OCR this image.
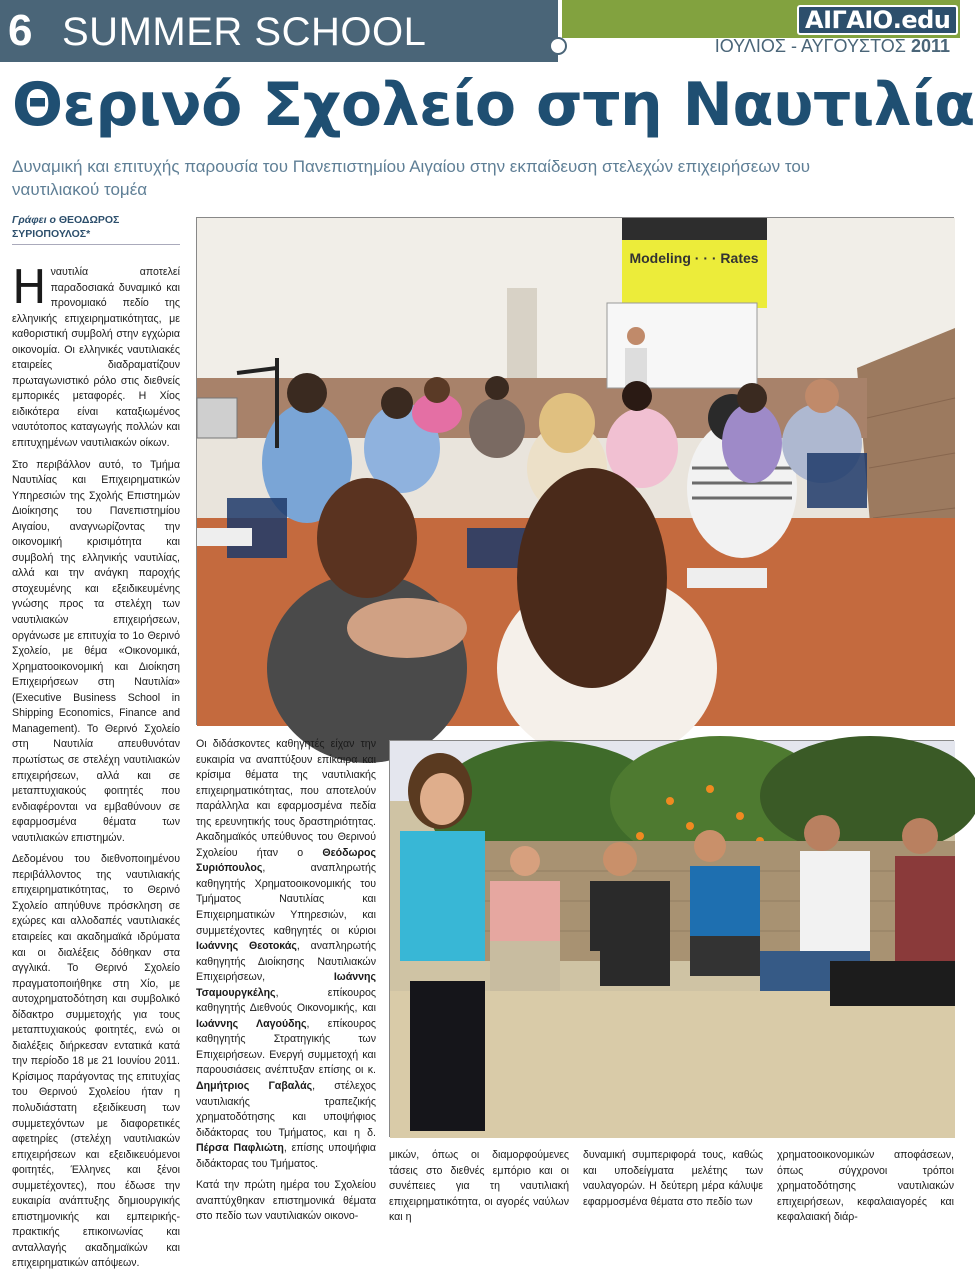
6 SUMMER SCHOOL	ΑΙΓΑΙΟ.edu
ΙΟΥΛΙΟΣ - ΑΥΓΟΥΣΤΟΣ 2011
Θερινό Σχολείο στη Ναυτιλία
Δυναμική και επιτυχής παρουσία του Πανεπιστημίου Αιγαίου στην εκπαίδευση στελεχών επιχειρήσεων του ναυτιλιακού τομέα
Γράφει ο ΘΕΟΔΩΡΟΣ ΣΥΡΙΟΠΟΥΛΟΣ*

Ηναυτιλία αποτελεί παραδοσιακά δυναμικό και προνομιακό πεδίο της ελληνικής επιχειρηματικότητας, με καθοριστική συμβολή στην εγχώρια οικονομία. Οι ελληνικές ναυτιλιακές εταιρείες διαδραματίζουν πρωταγωνιστικό ρόλο στις διεθνείς εμπορικές μεταφορές. Η Χίος ειδικότερα είναι καταξιωμένος ναυτότοπος καταγωγής πολλών και επιτυχημένων ναυτιλιακών οίκων.

Στο περιβάλλον αυτό, το Τμήμα Ναυτιλίας και Επιχειρηματικών Υπηρεσιών της Σχολής Επιστημών Διοίκησης του Πανεπιστημίου Αιγαίου, αναγνωρίζοντας την οικονομική κρισιμότητα και συμβολή της ελληνικής ναυτιλίας, αλλά και την ανάγκη παροχής στοχευμένης και εξειδικευμένης γνώσης προς τα στελέχη των ναυτιλιακών επιχειρήσεων, οργάνωσε με επιτυχία το 1ο Θερινό Σχολείο, με θέμα «Οικονομικά, Χρηματοοικονομική και Διοίκηση Επιχειρήσεων στη Ναυτιλία» (Executive Business School in Shipping Economics, Finance and Management). Το Θερινό Σχολείο στη Ναυτιλία απευθυνόταν πρωτίστως σε στελέχη ναυτιλιακών επιχειρήσεων, αλλά και σε μεταπτυχιακούς φοιτητές που ενδιαφέρονται να εμβαθύνουν σε εφαρμοσμένα θέματα των ναυτιλιακών επιστημών.

Δεδομένου του διεθνοποιημένου περιβάλλοντος της ναυτιλιακής επιχειρηματικότητας, το Θερινό Σχολείο απηύθυνε πρόσκληση σε εχώρες και αλλοδαπές ναυτιλιακές εταιρείες και ακαδημαϊκά ιδρύματα και οι διαλέξεις δόθηκαν στα αγγλικά. Το Θερινό Σχολείο πραγματοποιήθηκε στη Χίο, με αυτοχρηματοδότηση και συμβολικό δίδακτρο συμμετοχής για τους μεταπτυχιακούς φοιτητές, ενώ οι διαλέξεις διήρκεσαν εντατικά κατά την περίοδο 18 με 21 Ιουνίου 2011. Κρίσιμος παράγοντας της επιτυχίας του Θερινού Σχολείου ήταν η πολυδιάστατη εξειδίκευση των συμμετεχόντων με διαφορετικές αφετηρίες (στελέχη ναυτιλιακών επιχειρήσεων και εξειδικευόμενοι φοιτητές, Έλληνες και ξένοι συμμετέχοντες), που έδωσε την ευκαιρία ανάπτυξης δημιουργικής επιστημονικής και εμπειρικής-πρακτικής επικοινωνίας και ανταλλαγής ακαδημαϊκών και επιχειρηματικών απόψεων.

Modeling · · · Rates

Οι διδάσκοντες καθηγητές είχαν την ευκαιρία να αναπτύξουν επίκαιρα και κρίσιμα θέματα της ναυτιλιακής επιχειρηματικότητας, που αποτελούν παράλληλα και εφαρμοσμένα πεδία της ερευνητικής τους δραστηριότητας. Ακαδημαϊκός υπεύθυνος του Θερινού Σχολείου ήταν ο Θεόδωρος Συριόπουλος, αναπληρωτής καθηγητής Χρηματοοικονομικής του Τμήματος Ναυτιλίας και Επιχειρηματικών Υπηρεσιών, και συμμετέχοντες καθηγητές οι κύριοι Ιωάννης Θεοτοκάς, αναπληρωτής καθηγητής Διοίκησης Ναυτιλιακών Επιχειρήσεων, Ιωάννης Τσαμουργκέλης, επίκουρος καθηγητής Διεθνούς Οικονομικής, και Ιωάννης Λαγούδης, επίκουρος καθηγητής Στρατηγικής των Επιχειρήσεων. Ενεργή συμμετοχή και παρουσιάσεις ανέπτυξαν επίσης οι κ. Δημήτριος Γαβαλάς, στέλεχος ναυτιλιακής τραπεζικής χρηματοδότησης και υποψήφιος διδάκτορας του Τμήματος, και η δ. Πέρσα Παφλιώτη, επίσης υποψήφια διδάκτορας του Τμήματος.

Κατά την πρώτη ημέρα του Σχολείου αναπτύχθηκαν επιστημονικά θέματα στο πεδίο των ναυτιλιακών οικονο-

μικών, όπως οι διαμορφούμενες τάσεις στο διεθνές εμπόριο και οι συνέπειες για τη ναυτιλιακή επιχειρηματικότητα, οι αγορές ναύλων και η
δυναμική συμπεριφορά τους, καθώς και υποδείγματα μελέτης των ναυλαγορών. Η δεύτερη μέρα κάλυψε εφαρμοσμένα θέματα στο πεδίο των
χρηματοοικονομικών αποφάσεων, όπως σύγχρονοι τρόποι χρηματοδότησης ναυτιλιακών επιχειρήσεων, κεφαλαιαγορές και κεφαλαιακή διάρ-
